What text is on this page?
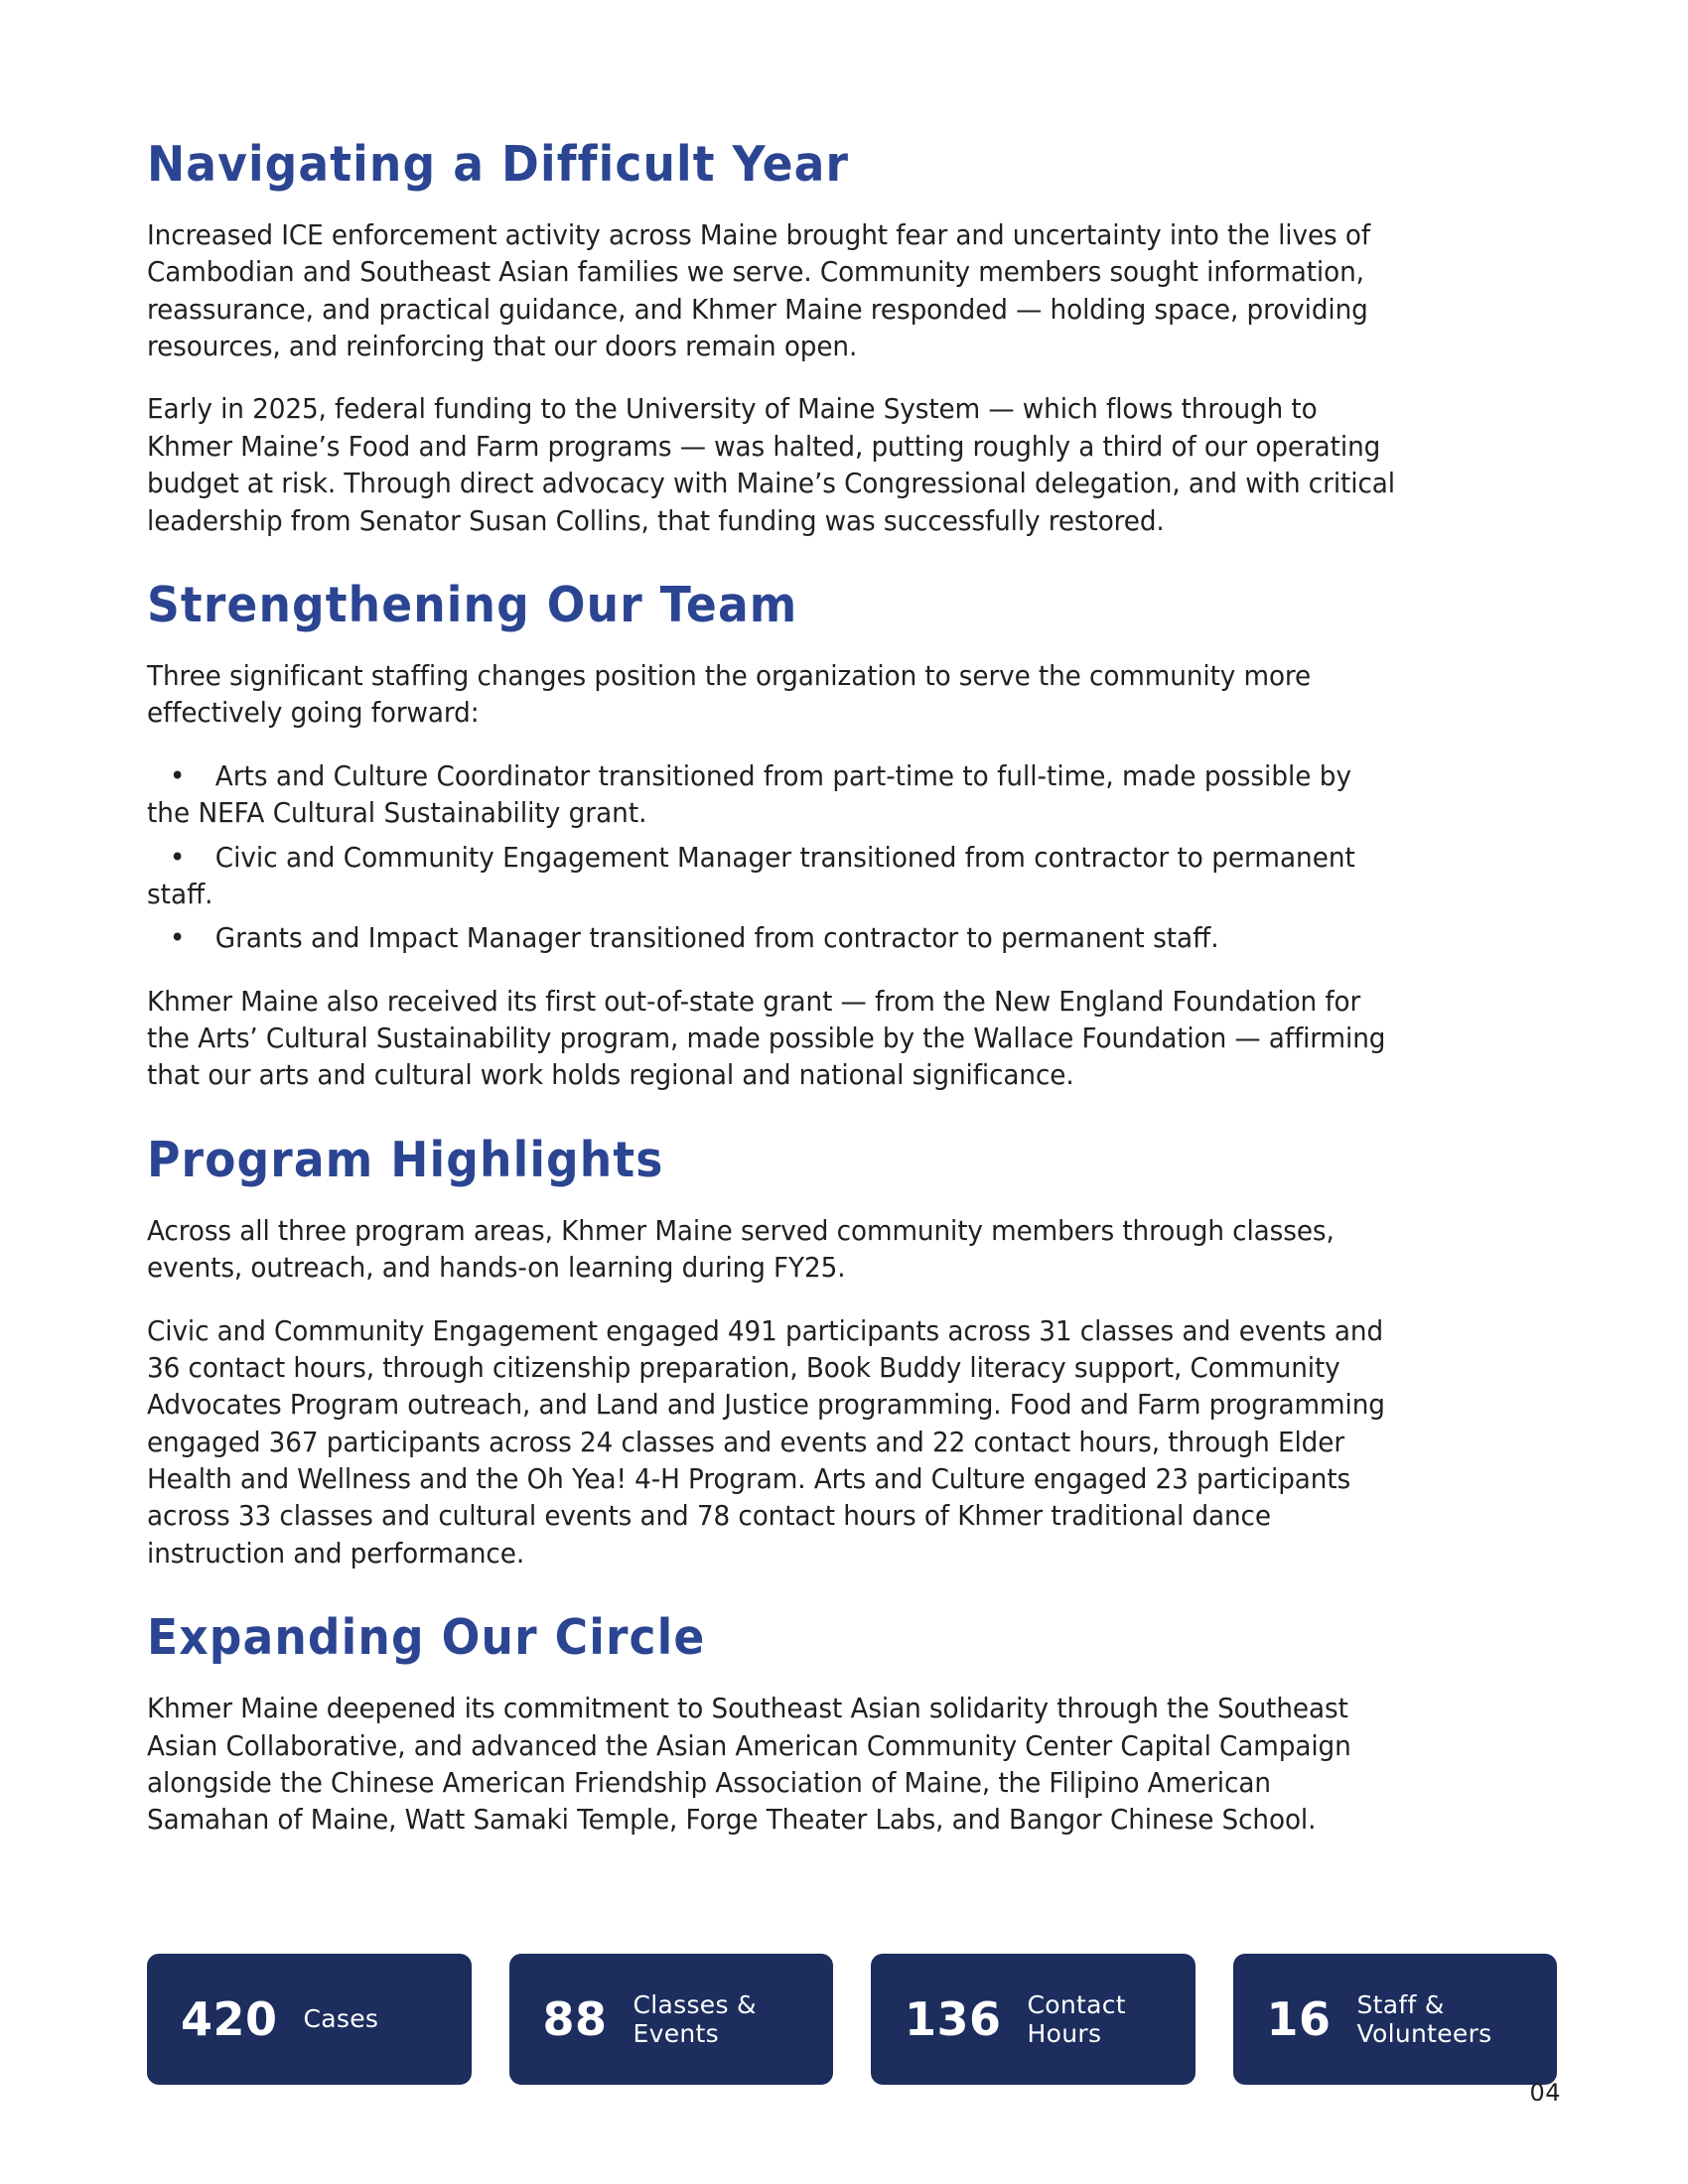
Navigating a Difficult Year

Increased ICE enforcement activity across Maine brought fear and uncertainty into the lives of Cambodian and Southeast Asian families we serve. Community members sought information, reassurance, and practical guidance, and Khmer Maine responded — holding space, providing resources, and reinforcing that our doors remain open.

Early in 2025, federal funding to the University of Maine System — which flows through to Khmer Maine’s Food and Farm programs — was halted, putting roughly a third of our operating budget at risk. Through direct advocacy with Maine’s Congressional delegation, and with critical leadership from Senator Susan Collins, that funding was successfully restored.

Strengthening Our Team

Three significant staffing changes position the organization to serve the community more effectively going forward:

•	Arts and Culture Coordinator transitioned from part-time to full-time, made possible by the NEFA Cultural Sustainability grant.
•	Civic and Community Engagement Manager transitioned from contractor to permanent staff.
•	Grants and Impact Manager transitioned from contractor to permanent staff.

Khmer Maine also received its first out-of-state grant — from the New England Foundation for the Arts’ Cultural Sustainability program, made possible by the Wallace Foundation — affirming that our arts and cultural work holds regional and national significance.

Program Highlights

Across all three program areas, Khmer Maine served community members through classes, events, outreach, and hands-on learning during FY25.

Civic and Community Engagement engaged 491 participants across 31 classes and events and 36 contact hours, through citizenship preparation, Book Buddy literacy support, Community Advocates Program outreach, and Land and Justice programming. Food and Farm programming engaged 367 participants across 24 classes and events and 22 contact hours, through Elder Health and Wellness and the Oh Yea! 4-H Program. Arts and Culture engaged 23 participants across 33 classes and cultural events and 78 contact hours of Khmer traditional dance instruction and performance.

Expanding Our Circle

Khmer Maine deepened its commitment to Southeast Asian solidarity through the Southeast Asian Collaborative, and advanced the Asian American Community Center Capital Campaign alongside the Chinese American Friendship Association of Maine, the Filipino American Samahan of Maine, Watt Samaki Temple, Forge Theater Labs, and Bangor Chinese School.

420 Cases	88 Classes &
Events	136 Contact
Hours	16 Staff &
Volunteers
04
